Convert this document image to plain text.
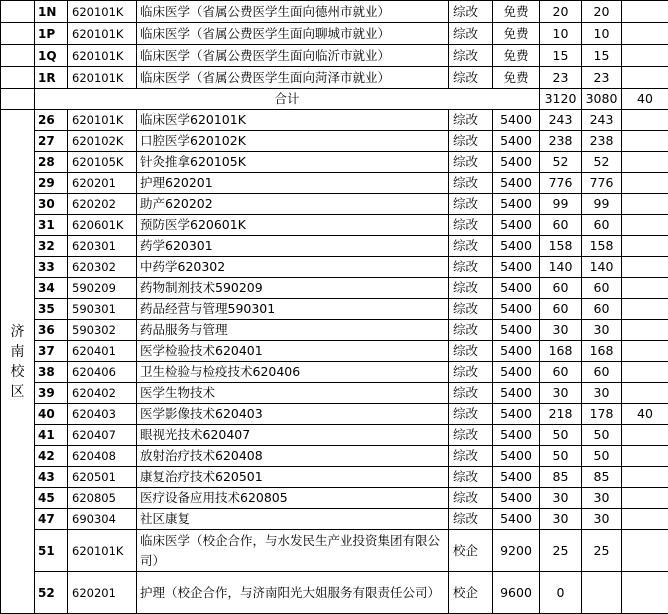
	1N	620101K	临床医学（省属公费医学生面向德州市就业）	综改	免费	20	20	
	1P	620101K	临床医学（省属公费医学生面向聊城市就业）	综改	免费	10	10	
	1Q	620101K	临床医学（省属公费医学生面向临沂市就业）	综改	免费	15	15	
	1R	620101K	临床医学（省属公费医学生面向菏泽市就业）	综改	免费	23	23	
	合计					3120	3080	40
济南校区	26	620101K	临床医学620101K	综改	5400	243	243	
	27	620102K	口腔医学620102K	综改	5400	238	238	
	28	620105K	针灸推拿620105K	综改	5400	52	52	
	29	620201	护理620201	综改	5400	776	776	
	30	620202	助产620202	综改	5400	99	99	
	31	620601K	预防医学620601K	综改	5400	60	60	
	32	620301	药学620301	综改	5400	158	158	
	33	620302	中药学620302	综改	5400	140	140	
	34	590209	药物制剂技术590209	综改	5400	60	60	
	35	590301	药品经营与管理590301	综改	5400	60	60	
	36	590302	药品服务与管理	综改	5400	30	30	
	37	620401	医学检验技术620401	综改	5400	168	168	
	38	620406	卫生检验与检疫技术620406	综改	5400	60	60	
	39	620402	医学生物技术	综改	5400	30	30	
	40	620403	医学影像技术620403	综改	5400	218	178	40
	41	620407	眼视光技术620407	综改	5400	50	50	
	42	620408	放射治疗技术620408	综改	5400	50	50	
	43	620501	康复治疗技术620501	综改	5400	85	85	
	45	620805	医疗设备应用技术620805	综改	5400	30	30	
	47	690304	社区康复	综改	5400	30	30	
	51	620101K	临床医学（校企合作，与水发民生产业投资集团有限公司）	校企	9200	25	25	
	52	620201	护理（校企合作，与济南阳光大姐服务有限责任公司）	校企	9600	0		
